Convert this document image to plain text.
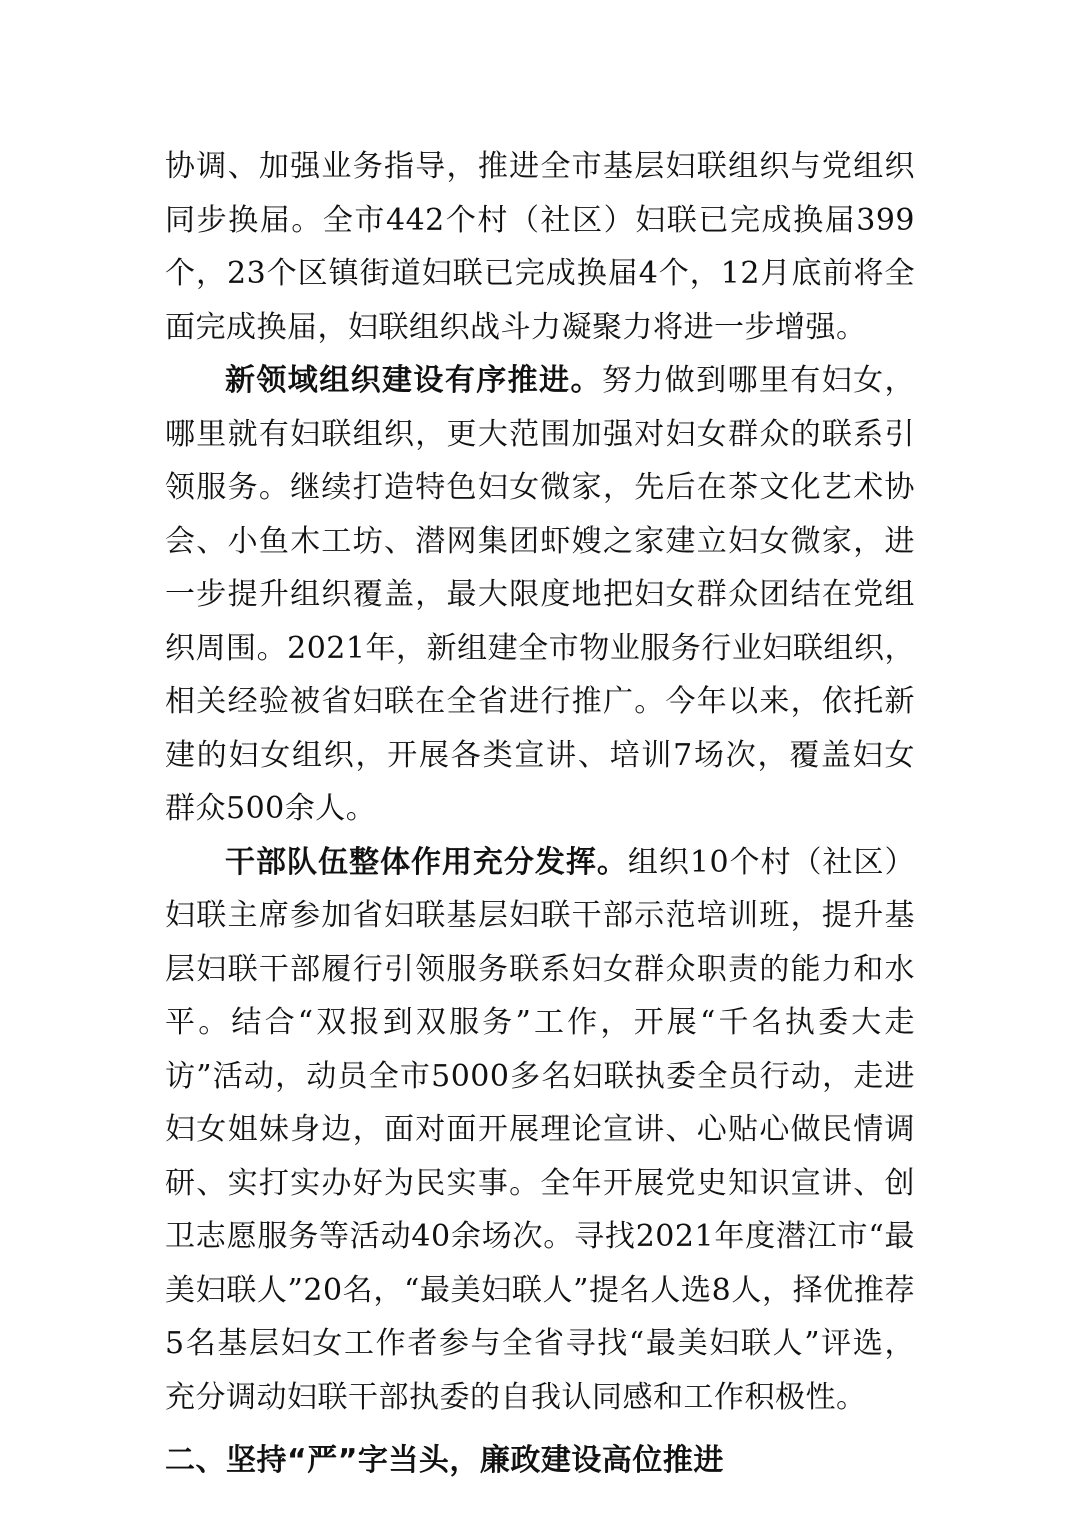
协调、加强业务指导，推进全市基层妇联组织与党组织同步换届。全市442个村（社区）妇联已完成换届399个，23个区镇街道妇联已完成换届4个，12月底前将全面完成换届，妇联组织战斗力凝聚力将进一步增强。

新领域组织建设有序推进。努力做到哪里有妇女，哪里就有妇联组织，更大范围加强对妇女群众的联系引领服务。继续打造特色妇女微家，先后在茶文化艺术协会、小鱼木工坊、潜网集团虾嫂之家建立妇女微家，进一步提升组织覆盖，最大限度地把妇女群众团结在党组织周围。2021年，新组建全市物业服务行业妇联组织，相关经验被省妇联在全省进行推广。今年以来，依托新建的妇女组织，开展各类宣讲、培训7场次，覆盖妇女群众500余人。

干部队伍整体作用充分发挥。组织10个村（社区）妇联主席参加省妇联基层妇联干部示范培训班，提升基层妇联干部履行引领服务联系妇女群众职责的能力和水平。结合“双报到双服务”工作，开展“千名执委大走访”活动，动员全市5000多名妇联执委全员行动，走进妇女姐妹身边，面对面开展理论宣讲、心贴心做民情调研、实打实办好为民实事。全年开展党史知识宣讲、创卫志愿服务等活动40余场次。寻找2021年度潜江市“最美妇联人”20名，“最美妇联人”提名人选8人，择优推荐5名基层妇女工作者参与全省寻找“最美妇联人”评选，充分调动妇联干部执委的自我认同感和工作积极性。

二、坚持“严”字当头，廉政建设高位推进
